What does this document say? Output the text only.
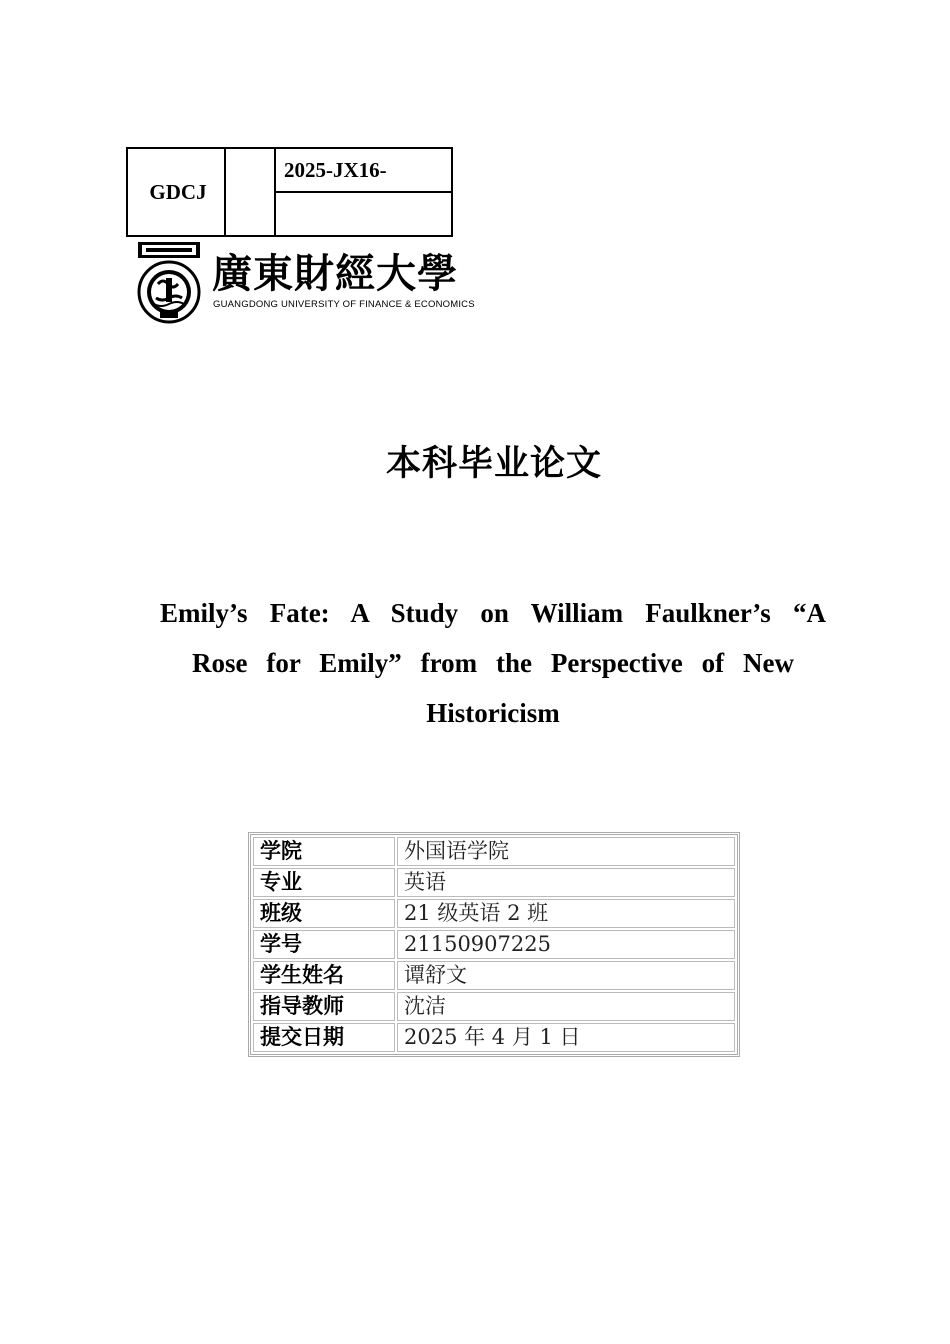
GDCJ		2025-JX16-

廣東財經大學
GUANGDONG UNIVERSITY OF FINANCE & ECONOMICS
本科毕业论文
Emily’s Fate: A Study on William Faulkner’s “A
Rose for Emily” from the Perspective of New
Historicism
学院	外国语学院
专业	英语
班级	21 级英语 2 班
学号	21150907225
学生姓名	谭舒文
指导教师	沈洁
提交日期	2025 年 4 月 1 日
